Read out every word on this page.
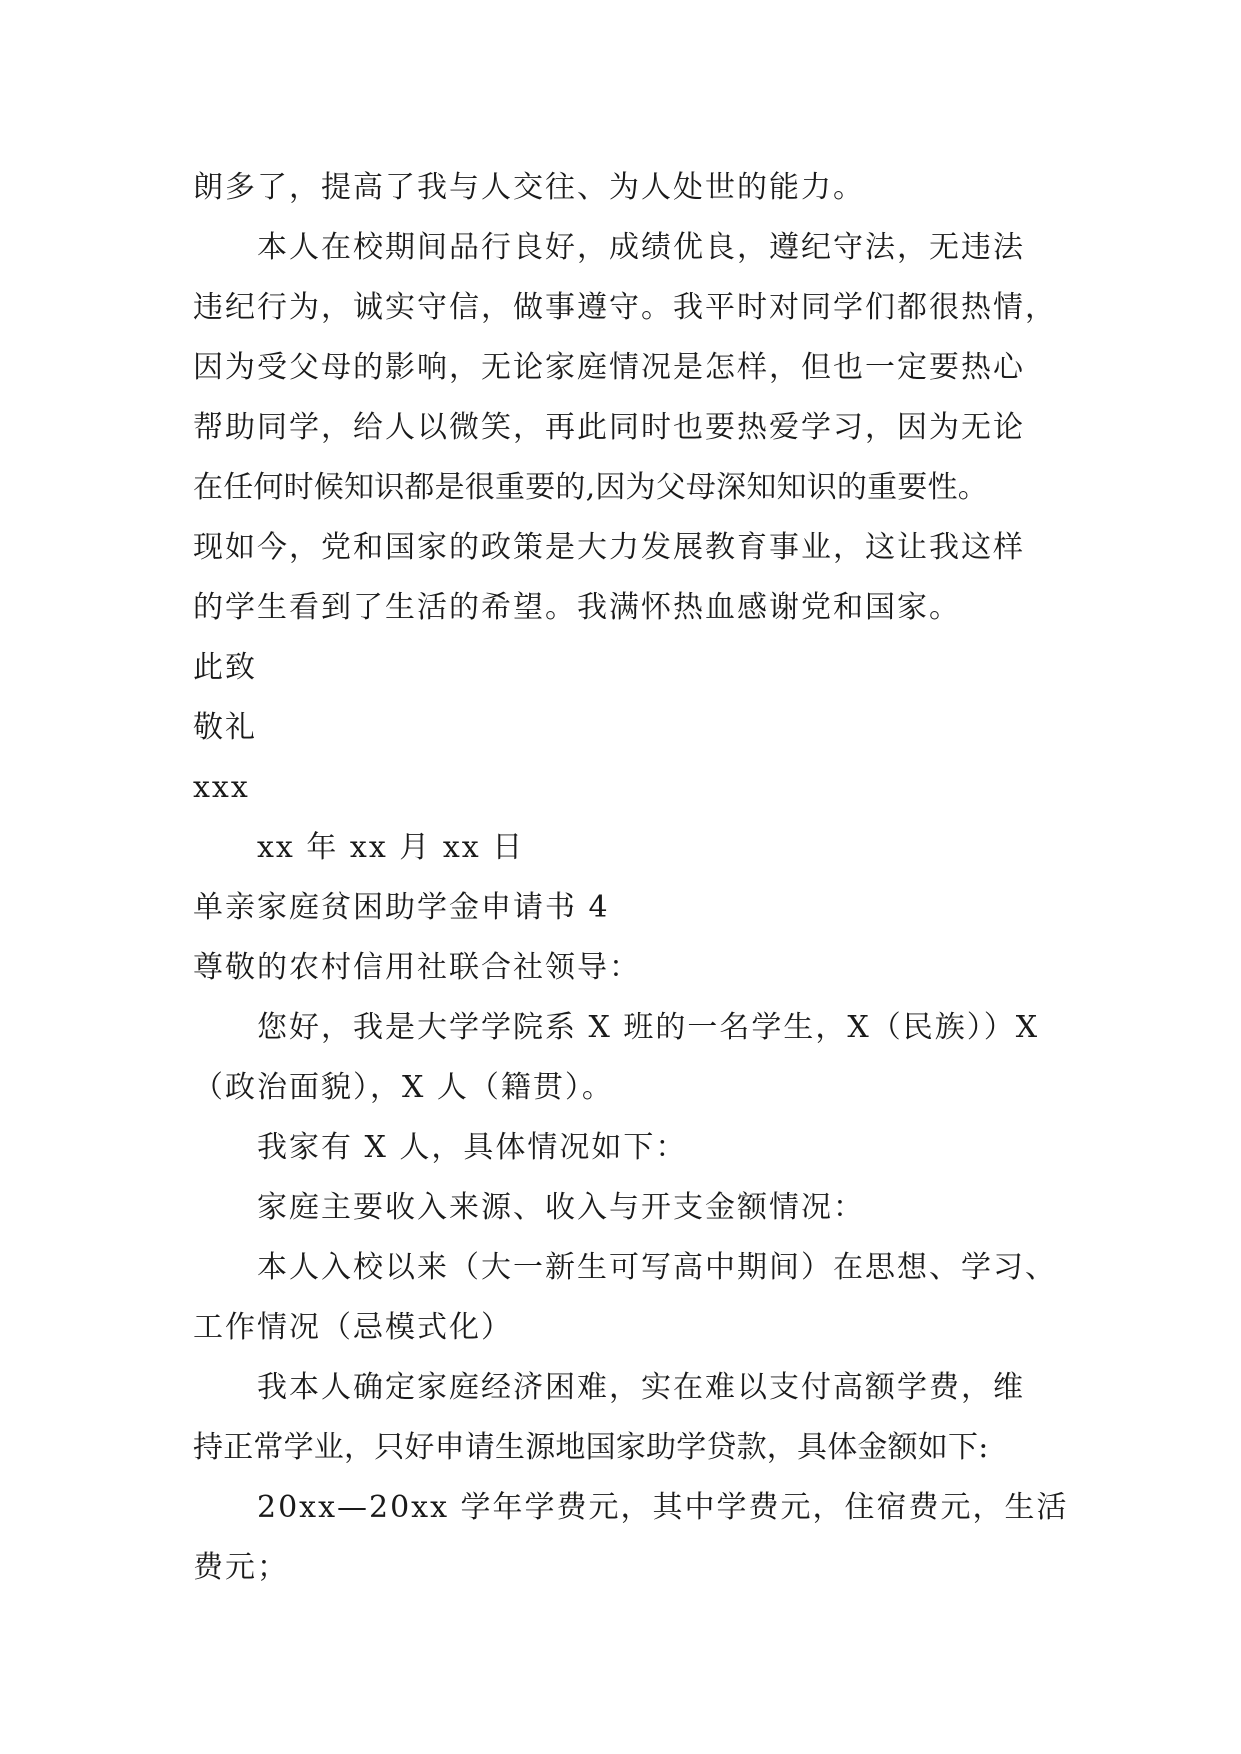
朗多了，提高了我与人交往、为人处世的能力。
本人在校期间品行良好，成绩优良，遵纪守法，无违法
违纪行为，诚实守信，做事遵守。我平时对同学们都很热情，
因为受父母的影响，无论家庭情况是怎样，但也一定要热心
帮助同学，给人以微笑，再此同时也要热爱学习，因为无论
在任何时候知识都是很重要的,因为父母深知知识的重要性。
现如今，党和国家的政策是大力发展教育事业，这让我这样
的学生看到了生活的希望。我满怀热血感谢党和国家。
此致
敬礼
xxx
xx 年 xx 月 xx 日
单亲家庭贫困助学金申请书 4
尊敬的农村信用社联合社领导：
您好，我是大学学院系 X 班的一名学生，X（民族））X
（政治面貌），X 人（籍贯）。
我家有 X 人，具体情况如下：
家庭主要收入来源、收入与开支金额情况：
本人入校以来（大一新生可写高中期间）在思想、学习、
工作情况（忌模式化）
我本人确定家庭经济困难，实在难以支付高额学费，维
持正常学业，只好申请生源地国家助学贷款，具体金额如下:
20xx—20xx 学年学费元，其中学费元，住宿费元，生活
费元；
